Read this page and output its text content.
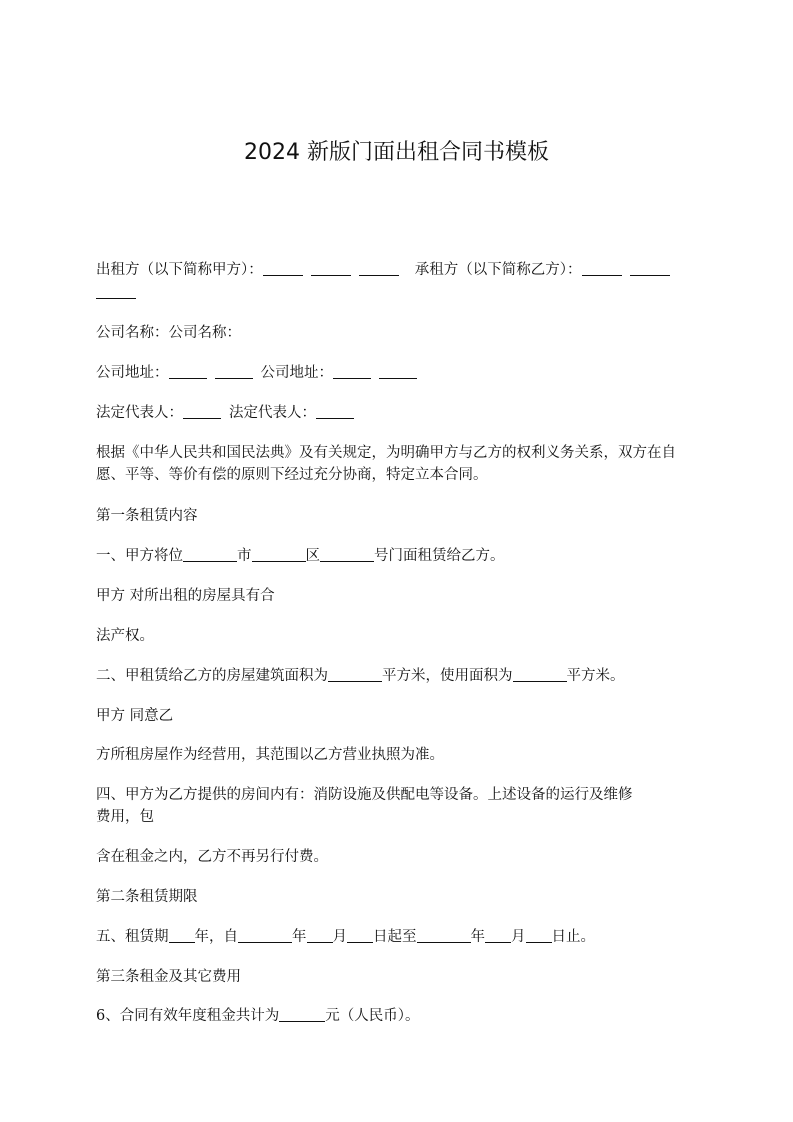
2024 新版门面出租合同书模板
出租方（以下简称甲方）：	承租方（以下简称乙方）：
公司名称：公司名称：
公司地址：	公司地址：
法定代表人：	法定代表人：
根据《中华人民共和国民法典》及有关规定，为明确甲方与乙方的权利义务关系，双方在自愿、平等、等价有偿的原则下经过充分协商，特定立本合同。
第一条租赁内容
一、甲方将位	市	区	号门面租赁给乙方。
甲方 对所出租的房屋具有合
法产权。
二、甲租赁给乙方的房屋建筑面积为	平方米，使用面积为	平方米。
甲方 同意乙
方所租房屋作为经营用，其范围以乙方营业执照为准。
四、甲方为乙方提供的房间内有：消防设施及供配电等设备。上述设备的运行及维修
费用，包
含在租金之内，乙方不再另行付费。
第二条租赁期限
五、租赁期 年，自	年 月 日起至	年 月 日止。
第三条租金及其它费用
6、合同有效年度租金共计为	元（人民币）。
